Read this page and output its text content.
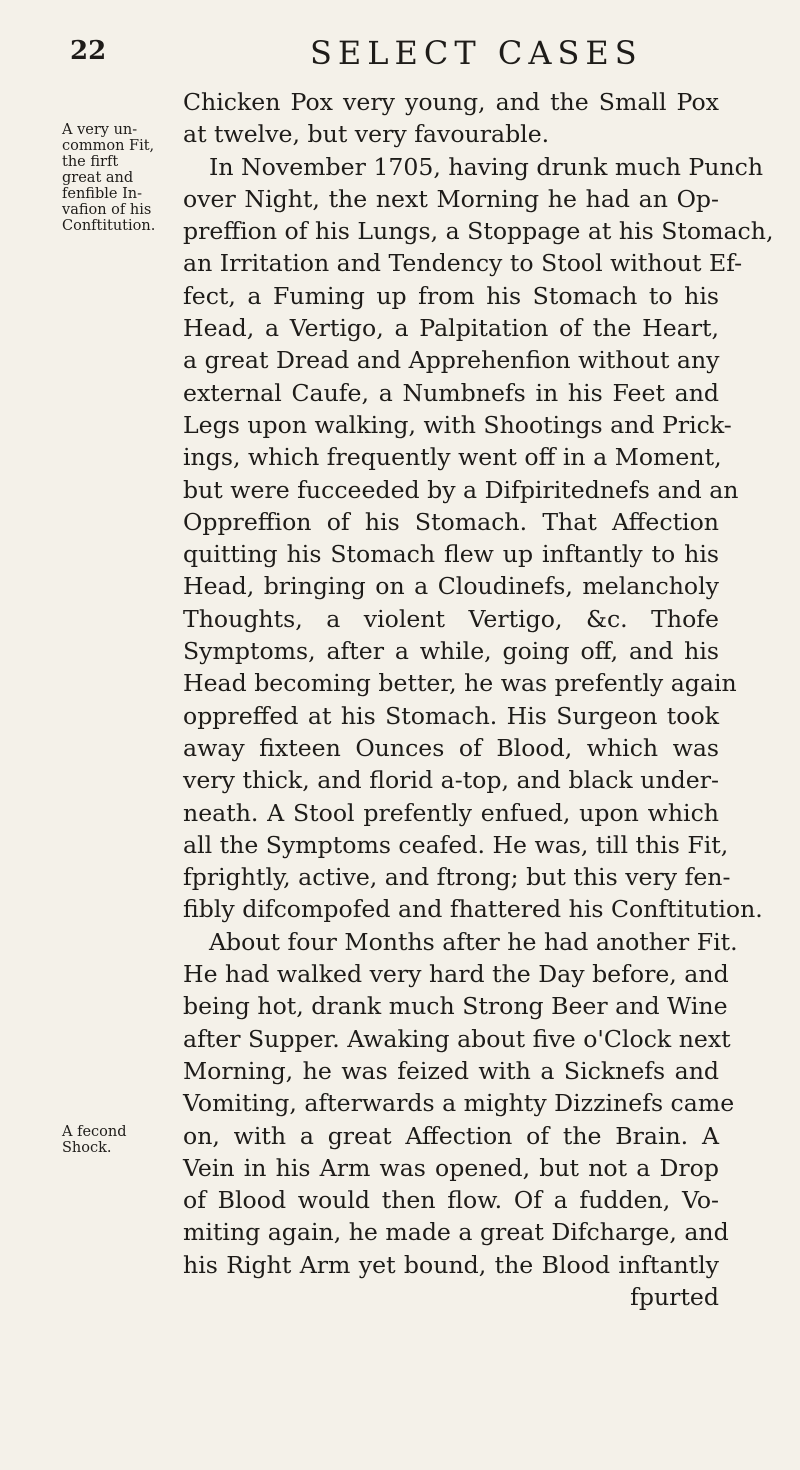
22	SELECT CASES
A very un-
common Fit,
the firft
great and
fenfible In-
vafion of his
Conftitution.
A fecond
Shock.
Chicken Pox very young, and the Small Pox
at twelve, but very favourable.
In November 1705, having drunk much Punch
over Night, the next Morning he had an Op-
preffion of his Lungs, a Stoppage at his Stomach,
an Irritation and Tendency to Stool without Ef-
fect, a Fuming up from his Stomach to his
Head, a Vertigo, a Palpitation of the Heart,
a great Dread and Apprehenfion without any
external Caufe, a Numbnefs in his Feet and
Legs upon walking, with Shootings and Prick-
ings, which frequently went off in a Moment,
but were fucceeded by a Difpiritednefs and an
Oppreffion of his Stomach. That Affection
quitting his Stomach flew up inftantly to his
Head, bringing on a Cloudinefs, melancholy
Thoughts, a violent Vertigo, &c. Thofe
Symptoms, after a while, going off, and his
Head becoming better, he was prefently again
oppreffed at his Stomach. His Surgeon took
away fixteen Ounces of Blood, which was
very thick, and florid a-top, and black under-
neath. A Stool prefently enfued, upon which
all the Symptoms ceafed. He was, till this Fit,
fprightly, active, and ftrong; but this very fen-
fibly difcompofed and fhattered his Conftitution.
About four Months after he had another Fit.
He had walked very hard the Day before, and
being hot, drank much Strong Beer and Wine
after Supper. Awaking about five o'Clock next
Morning, he was feized with a Sicknefs and
Vomiting, afterwards a mighty Dizzinefs came
on, with a great Affection of the Brain. A
Vein in his Arm was opened, but not a Drop
of Blood would then flow. Of a fudden, Vo-
miting again, he made a great Difcharge, and
his Right Arm yet bound, the Blood inftantly
fpurted
